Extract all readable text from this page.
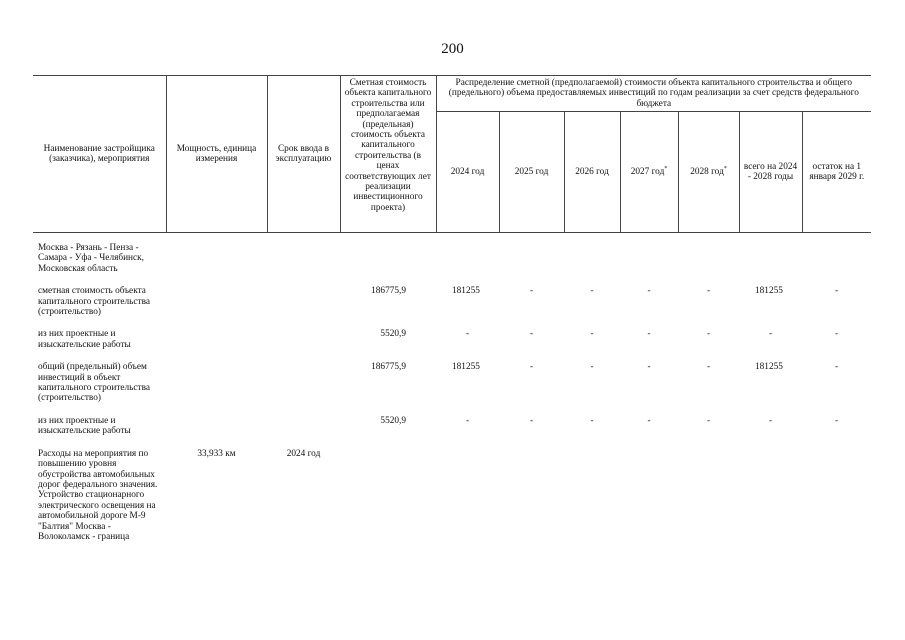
200
Наименование застройщика (заказчика), мероприятия	Мощность, единица измерения	Срок ввода в эксплуатацию	Сметная стоимость объекта капитального строительства или предполагаемая (предельная) стоимость объекта капитального строительства (в ценах соответствующих лет реализации инвестиционного проекта)	Распределение сметной (предполагаемой) стоимости объекта капитального строительства и общего (предельного) объема предоставляемых инвестиций по годам реализации за счет средств федерального бюджета						
				2024 год	2025 год	2026 год	2027 год*	2028 год*	всего на 2024 - 2028 годы	остаток на 1 января 2029 г.
Москва - Рязань - Пенза - Самара - Уфа - Челябинск, Московская область										
сметная стоимость объекта капитального строительства (строительство)			186775,9	181255	-	-	-	-	181255	-
из них проектные и изыскательские работы			5520,9	-	-	-	-	-	-	-
общий (предельный) объем инвестиций в объект капитального строительства (строительство)			186775,9	181255	-	-	-	-	181255	-
из них проектные и изыскательские работы			5520,9	-	-	-	-	-	-	-
Расходы на мероприятия по повышению уровня обустройства автомобильных дорог федерального значения. Устройство стационарного электрического освещения на автомобильной дороге М-9 "Балтия" Москва - Волоколамск - граница	33,933 км	2024 год								
